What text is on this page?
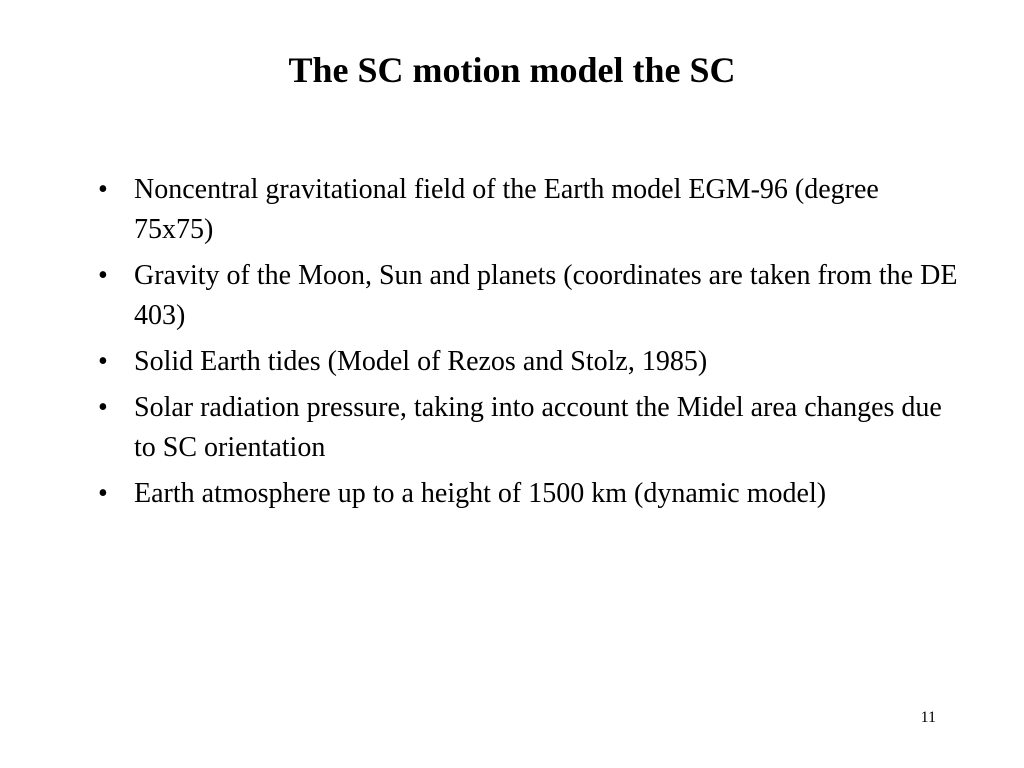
The SC motion model the SC
• Noncentral gravitational field of the Earth model EGM-96 (degree 75x75)
• Gravity of the Moon, Sun and planets (coordinates are taken from the DE 403)
• Solid Earth tides (Model of Rezos and Stolz, 1985)
• Solar radiation pressure, taking into account the Midel area changes due to SC orientation
• Earth atmosphere up to a height of 1500 km (dynamic model)
11
